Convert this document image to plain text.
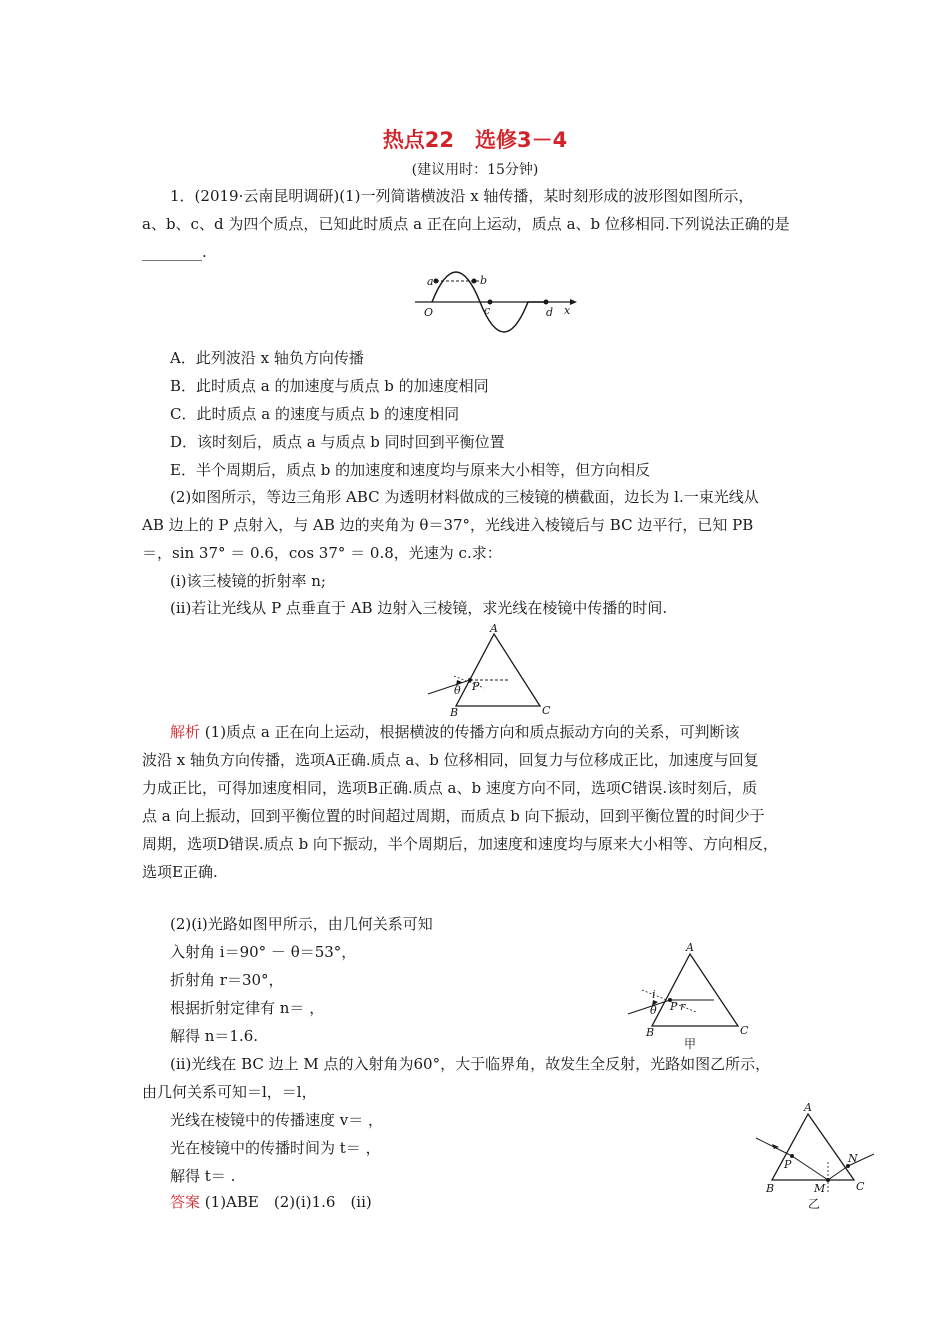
热点22　选修3－4
(建议用时：15分钟)
1．(2019·云南昆明调研)(1)一列简谐横波沿 x 轴传播，某时刻形成的波形图如图所示，
a、b、c、d 为四个质点，已知此时质点 a 正在向上运动，质点 a、b 位移相同.下列说法正确的是
________.
a	b
O	c	d x
A．此列波沿 x 轴负方向传播
B．此时质点 a 的加速度与质点 b 的加速度相同
C．此时质点 a 的速度与质点 b 的速度相同
D．该时刻后，质点 a 与质点 b 同时回到平衡位置
E．半个周期后，质点 b 的加速度和速度均与原来大小相等，但方向相反
(2)如图所示，等边三角形 ABC 为透明材料做成的三棱镜的横截面，边长为 l.一束光线从
AB 边上的 P 点射入，与 AB 边的夹角为 θ＝37°，光线进入棱镜后与 BC 边平行，已知 PB
＝，sin 37° ＝ 0.6，cos 37° ＝ 0.8，光速为 c.求：
(i)该三棱镜的折射率 n;
(ii)若让光线从 P 点垂直于 AB 边射入三棱镜，求光线在棱镜中传播的时间.
A
B	C
P
θ
解析 (1)质点 a 正在向上运动，根据横波的传播方向和质点振动方向的关系，可判断该
波沿 x 轴负方向传播，选项A正确.质点 a、b 位移相同，回复力与位移成正比，加速度与回复
力成正比，可得加速度相同，选项B正确.质点 a、b 速度方向不同，选项C错误.该时刻后，质
点 a 向上振动，回到平衡位置的时间超过周期，而质点 b 向下振动，回到平衡位置的时间少于
周期，选项D错误.质点 b 向下振动，半个周期后，加速度和速度均与原来大小相等、方向相反，
选项E正确.
(2)(i)光路如图甲所示，由几何关系可知
入射角 i＝90° － θ＝53°，
折射角 r＝30°，
根据折射定律有 n＝ ，
解得 n＝1.6.
A
B	C
P
i
θ r
甲
(ii)光线在 BC 边上 M 点的入射角为60°，大于临界角，故发生全反射，光路如图乙所示，
由几何关系可知＝l，＝l，
光线在棱镜中的传播速度 v＝ ，
光在棱镜中的传播时间为 t＝ ，
解得 t＝ .
A
B	C
P
M
N
乙
答案 (1)ABE　(2)(i)1.6　(ii)
